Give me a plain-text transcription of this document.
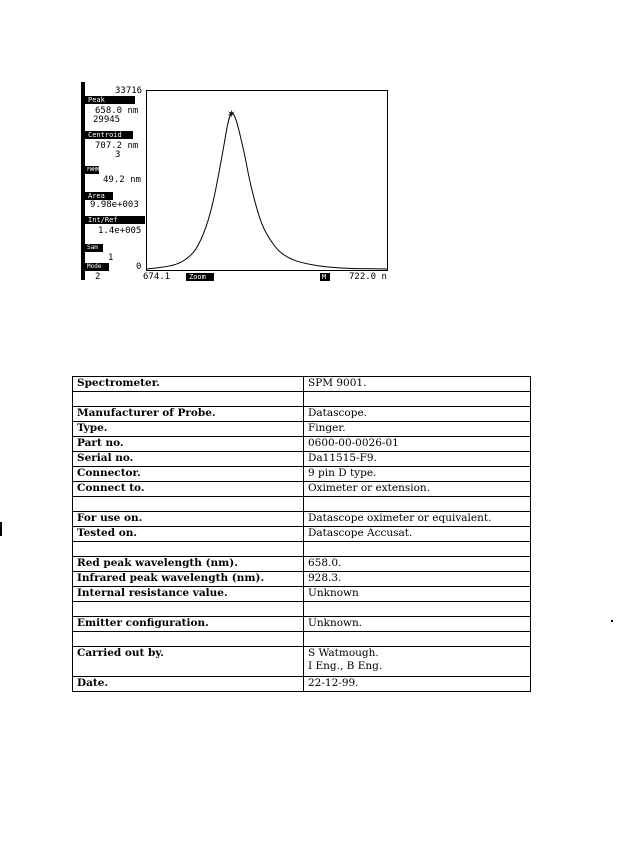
33716
Peak
658.0 nm
29945
Centroid
707.2 nm
3
FWHM
49.2 nm
Area
9.98e+003
Int/Ref
1.4e+005
Sam
1
Mode
2
0
✶
674.1	Zoom	M	722.0 n
Spectrometer.	SPM 9001.

Manufacturer of Probe.	Datascope.

Type.	Finger.

Part no.	0600-00-0026-01

Serial no.	Da11515-F9.

Connector.	9 pin D type.

Connect to.	Oximeter or extension.

For use on.	Datascope oximeter or equivalent.

Tested on.	Datascope Accusat.

Red peak wavelength (nm).	658.0.

Infrared peak wavelength (nm).	928.3.

Internal resistance value.	Unknown

Emitter configuration.	Unknown.

Carried out by.	S Watmough.
I Eng., B Eng.

Date.	22-12-99.
